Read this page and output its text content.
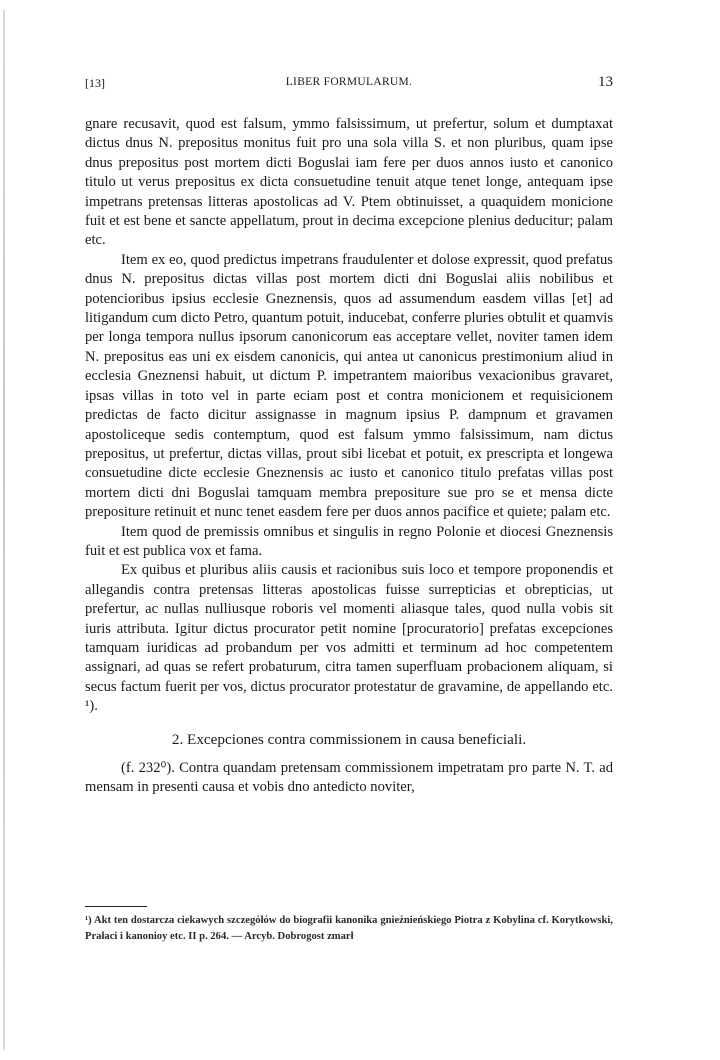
[13]	LIBER FORMULARUM.	13

gnare recusavit, quod est falsum, ymmo falsissimum, ut prefertur, solum et dumptaxat dictus dnus N. prepositus monitus fuit pro una sola villa S. et non pluribus, quam ipse dnus prepositus post mortem dicti Boguslai iam fere per duos annos iusto et canonico titulo ut verus prepositus ex dicta consuetudine tenuit atque tenet longe, antequam ipse impetrans pretensas litteras apostolicas ad V. Ptem obtinuisset, a quaquidem monicione fuit et est bene et sancte appellatum, prout in decima excepcione plenius deducitur; palam etc.

Item ex eo, quod predictus impetrans fraudulenter et dolose expressit, quod prefatus dnus N. prepositus dictas villas post mortem dicti dni Boguslai aliis nobilibus et potencioribus ipsius ecclesie Gneznensis, quos ad assumendum easdem villas [et] ad litigandum cum dicto Petro, quantum potuit, inducebat, conferre pluries obtulit et quamvis per longa tempora nullus ipsorum canonicorum eas acceptare vellet, noviter tamen idem N. prepositus eas uni ex eisdem canonicis, qui antea ut canonicus prestimonium aliud in ecclesia Gneznensi habuit, ut dictum P. impetrantem maioribus vexacionibus gravaret, ipsas villas in toto vel in parte eciam post et contra monicionem et requisicionem predictas de facto dicitur assignasse in magnum ipsius P. dampnum et gravamen apostoliceque sedis contemptum, quod est falsum ymmo falsissimum, nam dictus prepositus, ut prefertur, dictas villas, prout sibi licebat et potuit, ex prescripta et longewa consuetudine dicte ecclesie Gneznensis ac iusto et canonico titulo prefatas villas post mortem dicti dni Boguslai tamquam membra prepositure sue pro se et mensa dicte prepositure retinuit et nunc tenet easdem fere per duos annos pacifice et quiete; palam etc.

Item quod de premissis omnibus et singulis in regno Polonie et diocesi Gneznensis fuit et est publica vox et fama.

Ex quibus et pluribus aliis causis et racionibus suis loco et tempore proponendis et allegandis contra pretensas litteras apostolicas fuisse surrepticias et obrepticias, ut prefertur, ac nullas nulliusque roboris vel momenti aliasque tales, quod nulla vobis sit iuris attributa. Igitur dictus procurator petit nomine [procuratorio] prefatas excepciones tamquam iuridicas ad probandum per vos admitti et terminum ad hoc competentem assignari, ad quas se refert probaturum, citra tamen superfluam probacionem aliquam, si secus factum fuerit per vos, dictus procurator protestatur de gravamine, de appellando etc. ¹).

2. Excepciones contra commissionem in causa beneficiali.

(f. 232⁰). Contra quandam pretensam commissionem impetratam pro parte N. T. ad mensam in presenti causa et vobis dno antedicto noviter,

¹) Akt ten dostarcza ciekawych szczegółów do biografii kanonika gnieźnieńskiego Piotra z Kobylina cf. Korytkowski, Prałaci i kanonioy etc. II p. 264. — Arcyb. Dobrogost zmarł
